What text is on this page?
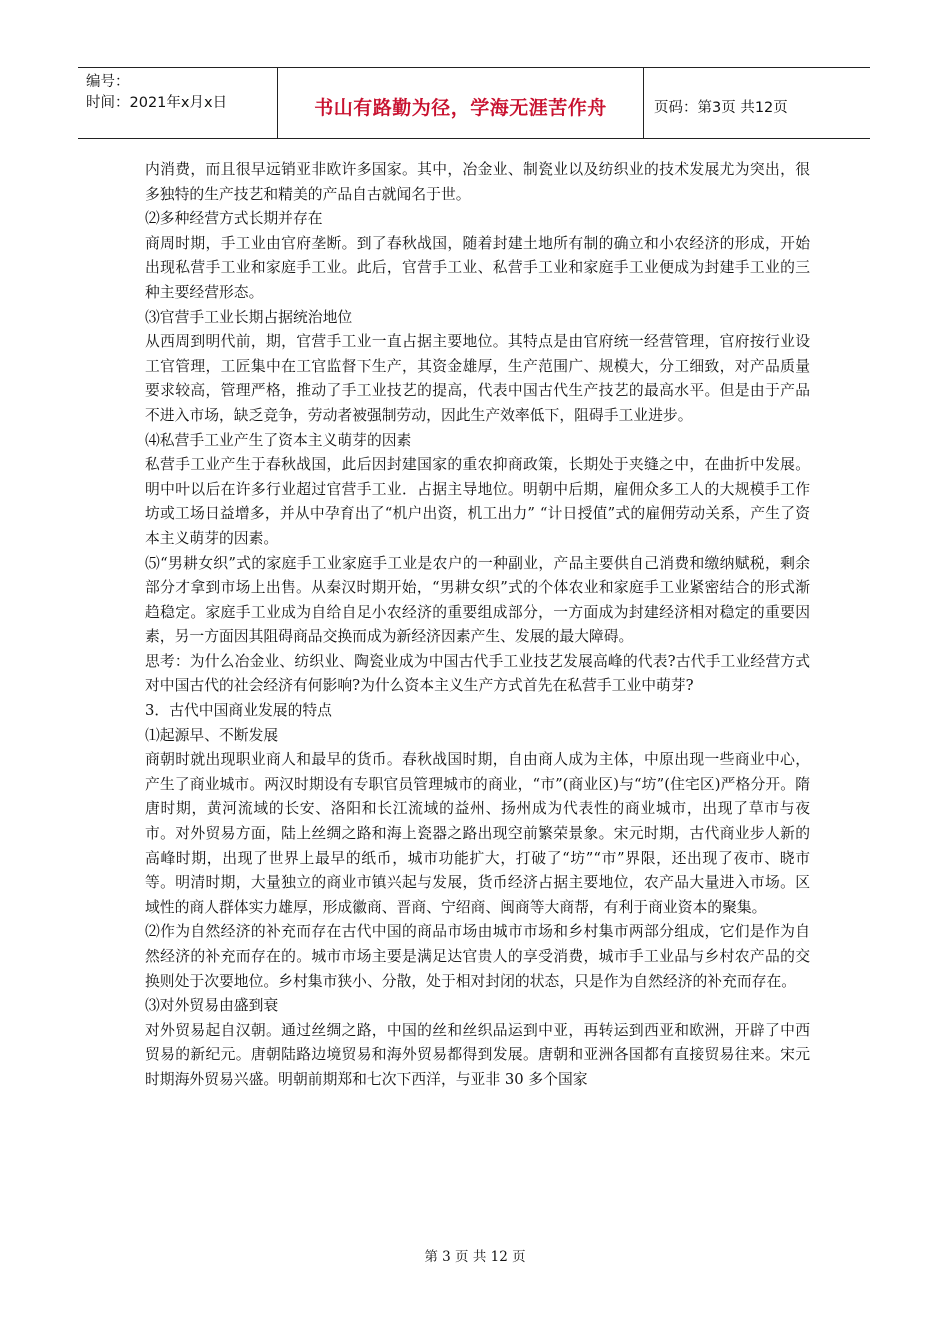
编号：
时间：2021年x月x日	书山有路勤为径，学海无涯苦作舟	页码：第3页 共12页

内消费，而且很早远销亚非欧许多国家。其中，冶金业、制瓷业以及纺织业的技术发展尤为突出，很多独特的生产技艺和精美的产品自古就闻名于世。

⑵多种经营方式长期并存在

商周时期，手工业由官府垄断。到了春秋战国，随着封建土地所有制的确立和小农经济的形成，开始出现私营手工业和家庭手工业。此后，官营手工业、私营手工业和家庭手工业便成为封建手工业的三种主要经营形态。

⑶官营手工业长期占据统治地位

从西周到明代前，期，官营手工业一直占据主要地位。其特点是由官府统一经营管理，官府按行业设工官管理，工匠集中在工官监督下生产，其资金雄厚，生产范围广、规模大，分工细致，对产品质量要求较高，管理严格，推动了手工业技艺的提高，代表中国古代生产技艺的最高水平。但是由于产品不进入市场，缺乏竞争，劳动者被强制劳动，因此生产效率低下，阻碍手工业进步。

⑷私营手工业产生了资本主义萌芽的因素

私营手工业产生于春秋战国，此后因封建国家的重农抑商政策，长期处于夹缝之中，在曲折中发展。明中叶以后在许多行业超过官营手工业．占据主导地位。明朝中后期，雇佣众多工人的大规模手工作坊或工场日益增多，并从中孕育出了“机户出资，机工出力” “计日授值”式的雇佣劳动关系，产生了资本主义萌芽的因素。

⑸“男耕女织”式的家庭手工业家庭手工业是农户的一种副业，产品主要供自己消费和缴纳赋税，剩余部分才拿到市场上出售。从秦汉时期开始，“男耕女织”式的个体农业和家庭手工业紧密结合的形式渐趋稳定。家庭手工业成为自给自足小农经济的重要组成部分，一方面成为封建经济相对稳定的重要因素，另一方面因其阻碍商品交换而成为新经济因素产生、发展的最大障碍。

思考：为什么冶金业、纺织业、陶瓷业成为中国古代手工业技艺发展高峰的代表?古代手工业经营方式对中国古代的社会经济有何影响?为什么资本主义生产方式首先在私营手工业中萌芽?

3．古代中国商业发展的特点

⑴起源早、不断发展

商朝时就出现职业商人和最早的货币。春秋战国时期，自由商人成为主体，中原出现一些商业中心，产生了商业城市。两汉时期设有专职官员管理城市的商业，“市”(商业区)与“坊”(住宅区)严格分开。隋唐时期，黄河流域的长安、洛阳和长江流域的益州、扬州成为代表性的商业城市，出现了草市与夜市。对外贸易方面，陆上丝绸之路和海上瓷器之路出现空前繁荣景象。宋元时期，古代商业步人新的高峰时期，出现了世界上最早的纸币，城市功能扩大，打破了“坊”“市”界限，还出现了夜市、晓市等。明清时期，大量独立的商业市镇兴起与发展，货币经济占据主要地位，农产品大量进入市场。区域性的商人群体实力雄厚，形成徽商、晋商、宁绍商、闽商等大商帮，有利于商业资本的聚集。

⑵作为自然经济的补充而存在古代中国的商品市场由城市市场和乡村集市两部分组成，它们是作为自然经济的补充而存在的。城市市场主要是满足达官贵人的享受消费，城市手工业品与乡村农产品的交换则处于次要地位。乡村集市狭小、分散，处于相对封闭的状态，只是作为自然经济的补充而存在。

⑶对外贸易由盛到衰

对外贸易起自汉朝。通过丝绸之路，中国的丝和丝织品运到中亚，再转运到西亚和欧洲，开辟了中西贸易的新纪元。唐朝陆路边境贸易和海外贸易都得到发展。唐朝和亚洲各国都有直接贸易往来。宋元时期海外贸易兴盛。明朝前期郑和七次下西洋，与亚非 30 多个国家

第 3 页 共 12 页
